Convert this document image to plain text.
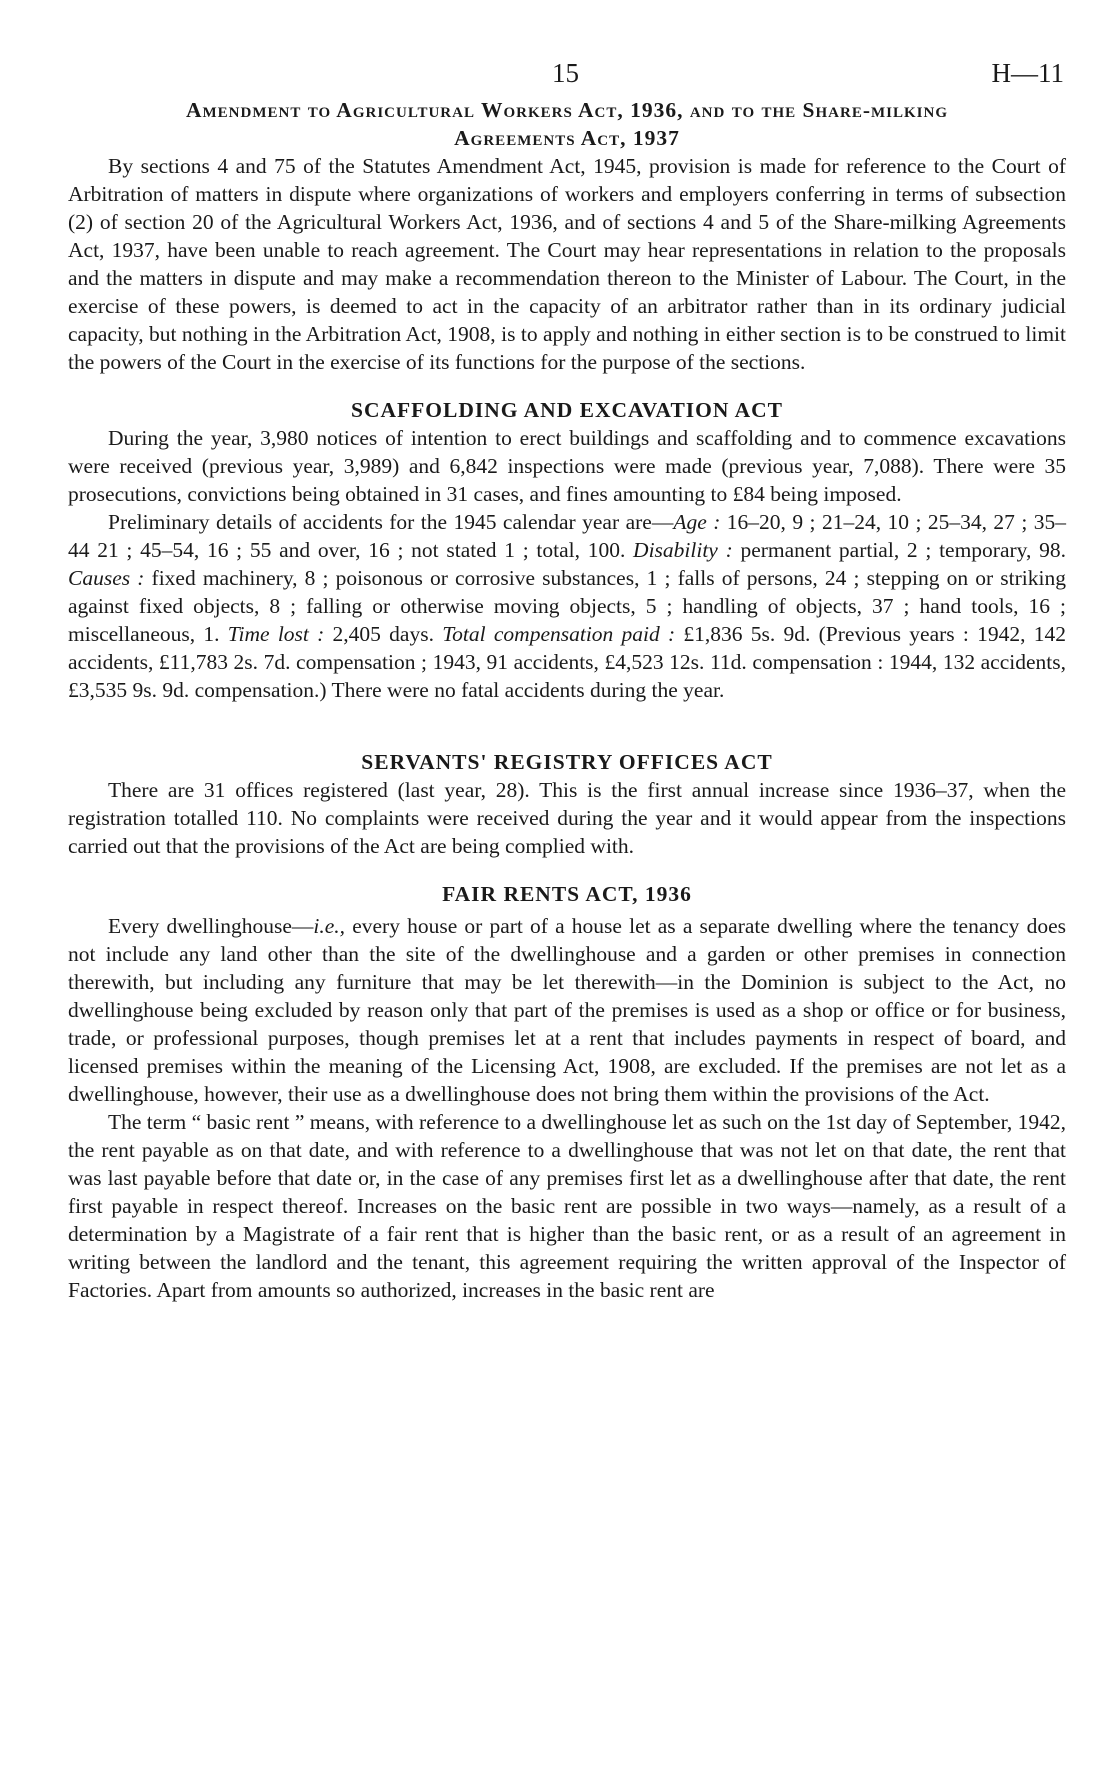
15	H—11
Amendment to Agricultural Workers Act, 1936, and to the Share-milking
Agreements Act, 1937

By sections 4 and 75 of the Statutes Amendment Act, 1945, provision is made for reference to the Court of Arbitration of matters in dispute where organizations of workers and employers conferring in terms of subsection (2) of section 20 of the Agricultural Workers Act, 1936, and of sections 4 and 5 of the Share-milking Agreements Act, 1937, have been unable to reach agreement. The Court may hear representations in relation to the proposals and the matters in dispute and may make a recommendation thereon to the Minister of Labour. The Court, in the exercise of these powers, is deemed to act in the capacity of an arbitrator rather than in its ordinary judicial capacity, but nothing in the Arbitration Act, 1908, is to apply and nothing in either section is to be construed to limit the powers of the Court in the exercise of its functions for the purpose of the sections.

SCAFFOLDING AND EXCAVATION ACT

During the year, 3,980 notices of intention to erect buildings and scaffolding and to commence excavations were received (previous year, 3,989) and 6,842 inspections were made (previous year, 7,088). There were 35 prosecutions, convictions being obtained in 31 cases, and fines amounting to £84 being imposed.

Preliminary details of accidents for the 1945 calendar year are—Age : 16–20, 9 ; 21–24, 10 ; 25–34, 27 ; 35–44 21 ; 45–54, 16 ; 55 and over, 16 ; not stated 1 ; total, 100. Disability : permanent partial, 2 ; temporary, 98. Causes : fixed machinery, 8 ; poisonous or corrosive substances, 1 ; falls of persons, 24 ; stepping on or striking against fixed objects, 8 ; falling or otherwise moving objects, 5 ; handling of objects, 37 ; hand tools, 16 ; miscellaneous, 1. Time lost : 2,405 days. Total compensation paid : £1,836 5s. 9d. (Previous years : 1942, 142 accidents, £11,783 2s. 7d. compensation ; 1943, 91 accidents, £4,523 12s. 11d. compensation : 1944, 132 accidents, £3,535 9s. 9d. compensation.) There were no fatal accidents during the year.

SERVANTS' REGISTRY OFFICES ACT

There are 31 offices registered (last year, 28). This is the first annual increase since 1936–37, when the registration totalled 110. No complaints were received during the year and it would appear from the inspections carried out that the provisions of the Act are being complied with.

FAIR RENTS ACT, 1936

Every dwellinghouse—i.e., every house or part of a house let as a separate dwelling where the tenancy does not include any land other than the site of the dwellinghouse and a garden or other premises in connection therewith, but including any furniture that may be let therewith—in the Dominion is subject to the Act, no dwellinghouse being excluded by reason only that part of the premises is used as a shop or office or for business, trade, or professional purposes, though premises let at a rent that includes payments in respect of board, and licensed premises within the meaning of the Licensing Act, 1908, are excluded. If the premises are not let as a dwellinghouse, however, their use as a dwellinghouse does not bring them within the provisions of the Act.

The term “ basic rent ” means, with reference to a dwellinghouse let as such on the 1st day of September, 1942, the rent payable as on that date, and with reference to a dwellinghouse that was not let on that date, the rent that was last payable before that date or, in the case of any premises first let as a dwellinghouse after that date, the rent first payable in respect thereof. Increases on the basic rent are possible in two ways—namely, as a result of a determination by a Magistrate of a fair rent that is higher than the basic rent, or as a result of an agreement in writing between the landlord and the tenant, this agreement requiring the written approval of the Inspector of Factories. Apart from amounts so authorized, increases in the basic rent are
